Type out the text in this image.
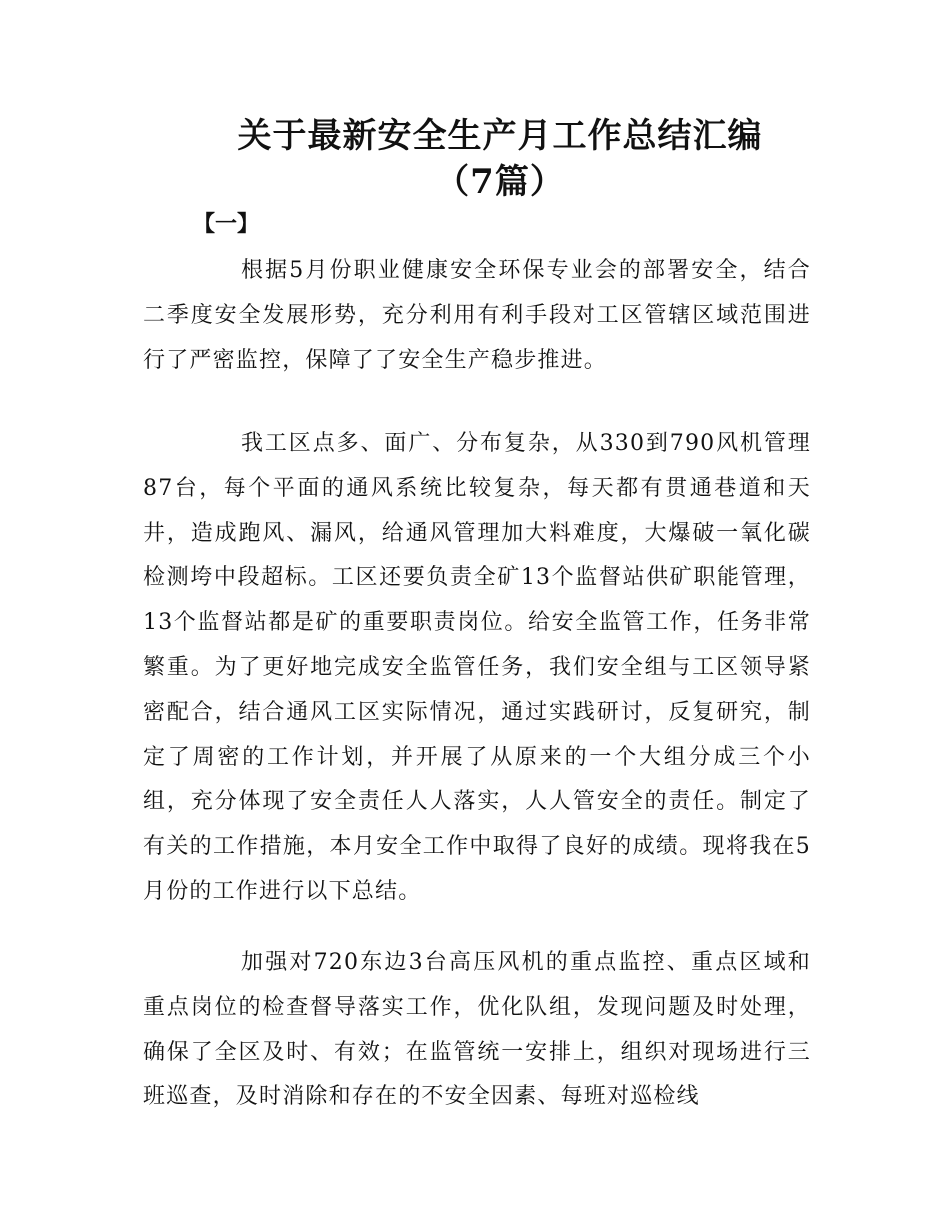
关于最新安全生产月工作总结汇编
（7篇）
【一】

根据5月份职业健康安全环保专业会的部署安全，结合二季度安全发展形势，充分利用有利手段对工区管辖区域范围进行了严密监控，保障了了安全生产稳步推进。

我工区点多、面广、分布复杂，从330到790风机管理87台，每个平面的通风系统比较复杂，每天都有贯通巷道和天井，造成跑风、漏风，给通风管理加大料难度，大爆破一氧化碳检测垮中段超标。工区还要负责全矿13个监督站供矿职能管理，13个监督站都是矿的重要职责岗位。给安全监管工作，任务非常繁重。为了更好地完成安全监管任务，我们安全组与工区领导紧密配合，结合通风工区实际情况，通过实践研讨，反复研究，制定了周密的工作计划，并开展了从原来的一个大组分成三个小组，充分体现了安全责任人人落实，人人管安全的责任。制定了有关的工作措施，本月安全工作中取得了良好的成绩。现将我在5月份的工作进行以下总结。

加强对720东边3台高压风机的重点监控、重点区域和重点岗位的检查督导落实工作，优化队组，发现问题及时处理，确保了全区及时、有效；在监管统一安排上，组织对现场进行三班巡查，及时消除和存在的不安全因素、每班对巡检线
